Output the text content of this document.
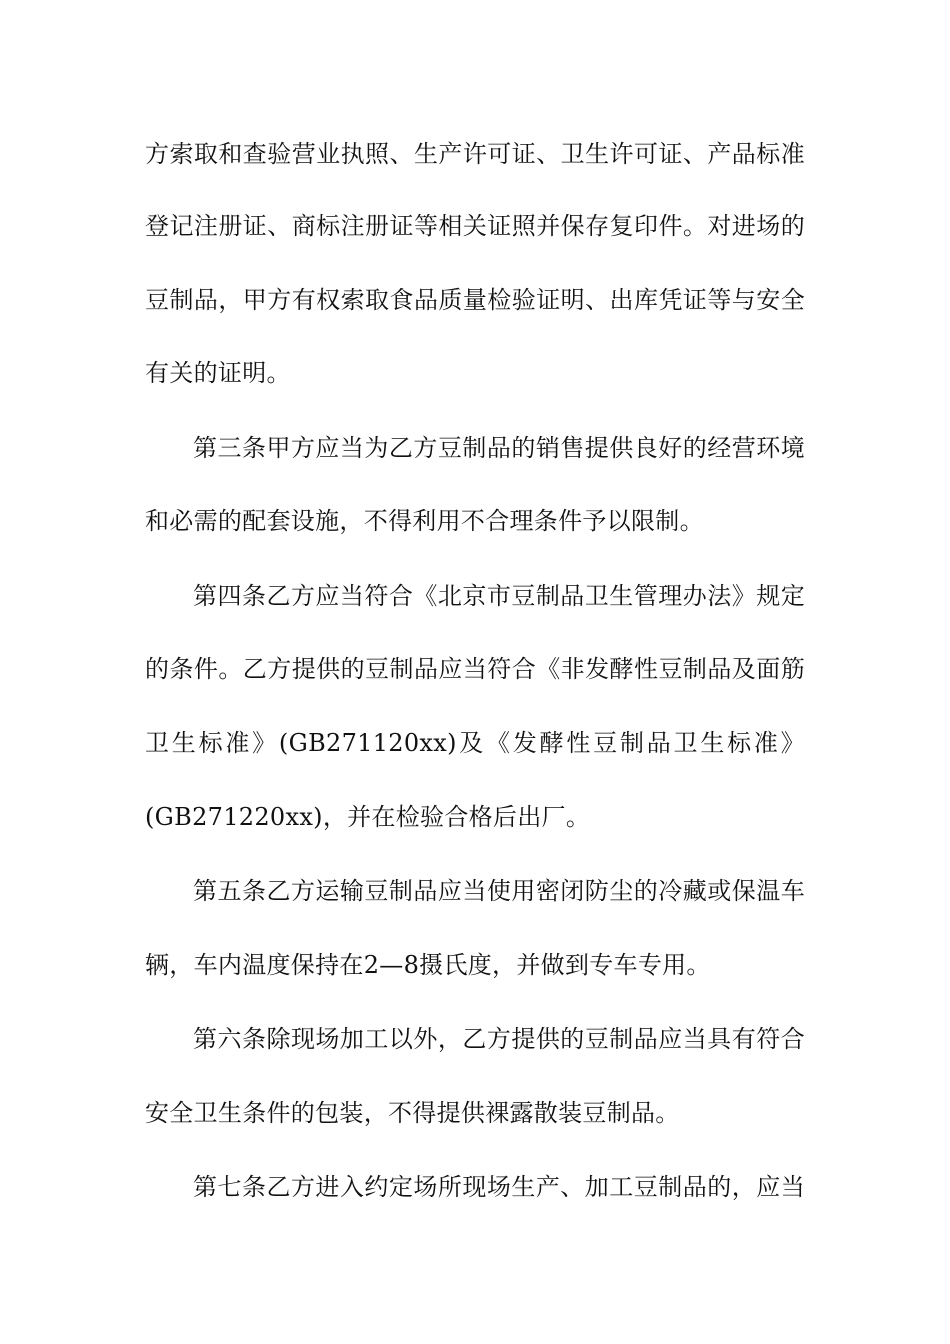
方索取和查验营业执照、生产许可证、卫生许可证、产品标准
登记注册证、商标注册证等相关证照并保存复印件。对进场的
豆制品，甲方有权索取食品质量检验证明、出库凭证等与安全
有关的证明。
第三条甲方应当为乙方豆制品的销售提供良好的经营环境
和必需的配套设施，不得利用不合理条件予以限制。
第四条乙方应当符合《北京市豆制品卫生管理办法》规定
的条件。乙方提供的豆制品应当符合《非发酵性豆制品及面筋
卫生标准》(GB271120xx)及《发酵性豆制品卫生标准》
(GB271220xx)，并在检验合格后出厂。
第五条乙方运输豆制品应当使用密闭防尘的冷藏或保温车
辆，车内温度保持在2—8摄氏度，并做到专车专用。
第六条除现场加工以外，乙方提供的豆制品应当具有符合
安全卫生条件的包装，不得提供裸露散装豆制品。
第七条乙方进入约定场所现场生产、加工豆制品的，应当
